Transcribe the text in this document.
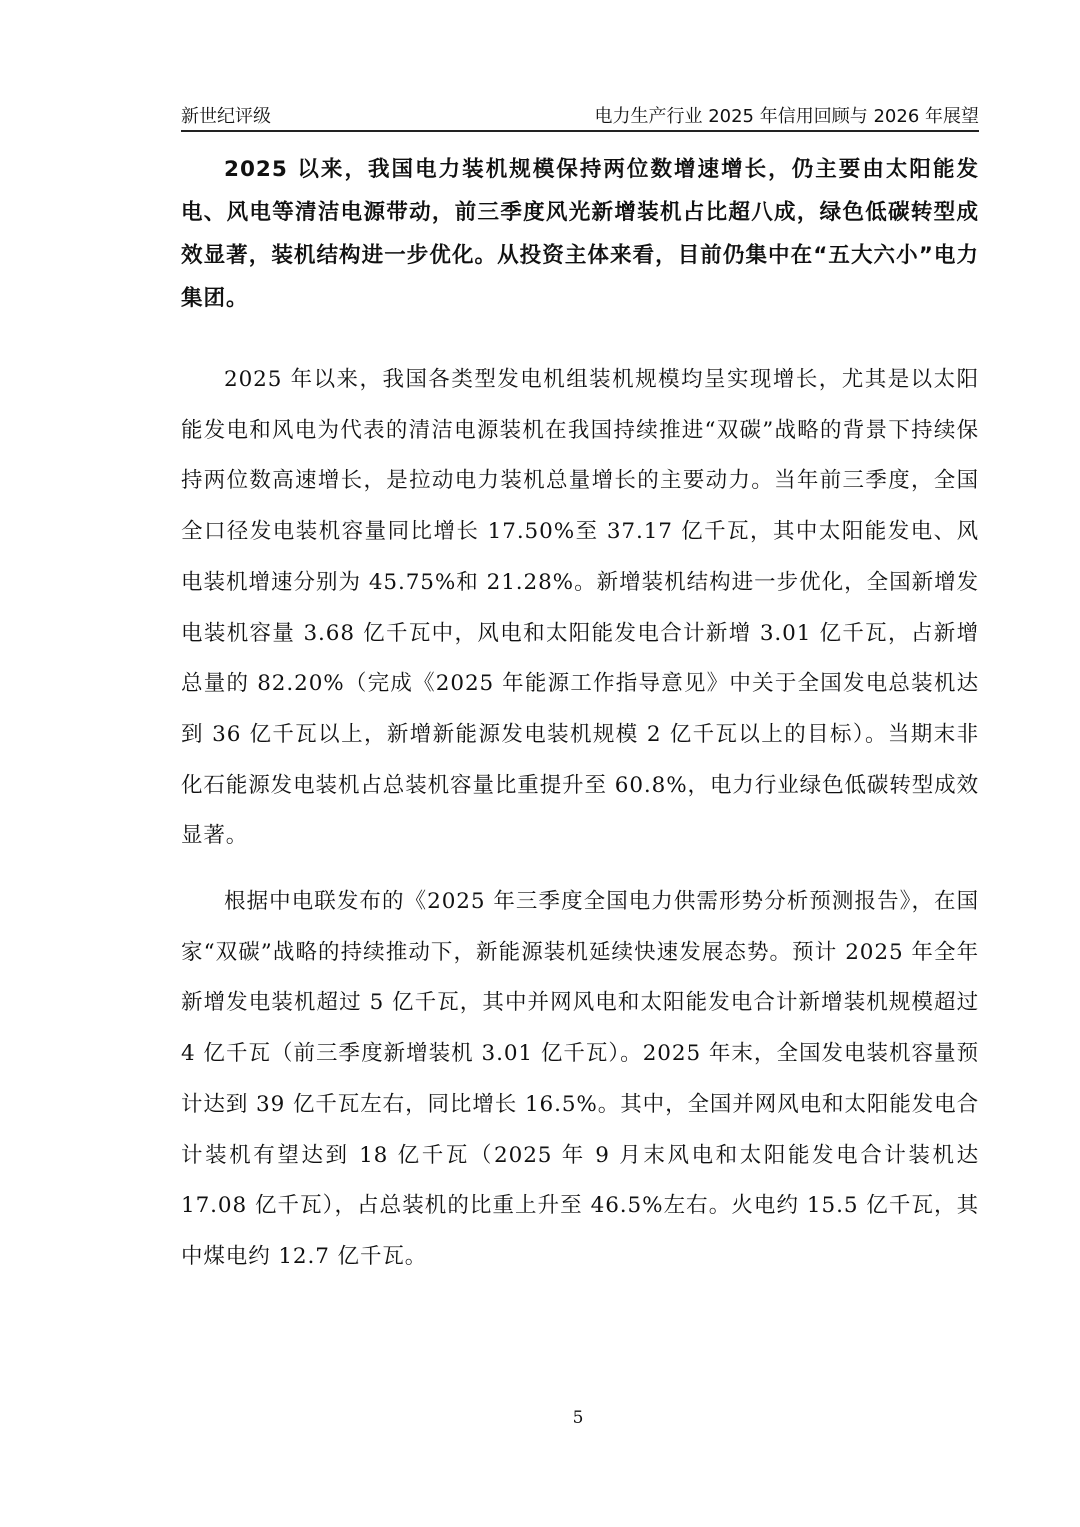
新世纪评级	电力生产行业 2025 年信用回顾与 2026 年展望

2025 以来，我国电力装机规模保持两位数增速增长，仍主要由太阳能发电、风电等清洁电源带动，前三季度风光新增装机占比超八成，绿色低碳转型成效显著，装机结构进一步优化。从投资主体来看，目前仍集中在“五大六小”电力集团。

2025 年以来，我国各类型发电机组装机规模均呈实现增长，尤其是以太阳能发电和风电为代表的清洁电源装机在我国持续推进“双碳”战略的背景下持续保持两位数高速增长，是拉动电力装机总量增长的主要动力。当年前三季度，全国全口径发电装机容量同比增长 17.50%至 37.17 亿千瓦，其中太阳能发电、风电装机增速分别为 45.75%和 21.28%。新增装机结构进一步优化，全国新增发电装机容量 3.68 亿千瓦中，风电和太阳能发电合计新增 3.01 亿千瓦，占新增总量的 82.20%（完成《2025 年能源工作指导意见》中关于全国发电总装机达到 36 亿千瓦以上，新增新能源发电装机规模 2 亿千瓦以上的目标）。当期末非化石能源发电装机占总装机容量比重提升至 60.8%，电力行业绿色低碳转型成效显著。

根据中电联发布的《2025 年三季度全国电力供需形势分析预测报告》，在国家“双碳”战略的持续推动下，新能源装机延续快速发展态势。预计 2025 年全年新增发电装机超过 5 亿千瓦，其中并网风电和太阳能发电合计新增装机规模超过 4 亿千瓦（前三季度新增装机 3.01 亿千瓦）。2025 年末，全国发电装机容量预计达到 39 亿千瓦左右，同比增长 16.5%。其中，全国并网风电和太阳能发电合计装机有望达到 18 亿千瓦（2025 年 9 月末风电和太阳能发电合计装机达 17.08 亿千瓦），占总装机的比重上升至 46.5%左右。火电约 15.5 亿千瓦，其中煤电约 12.7 亿千瓦。

5
